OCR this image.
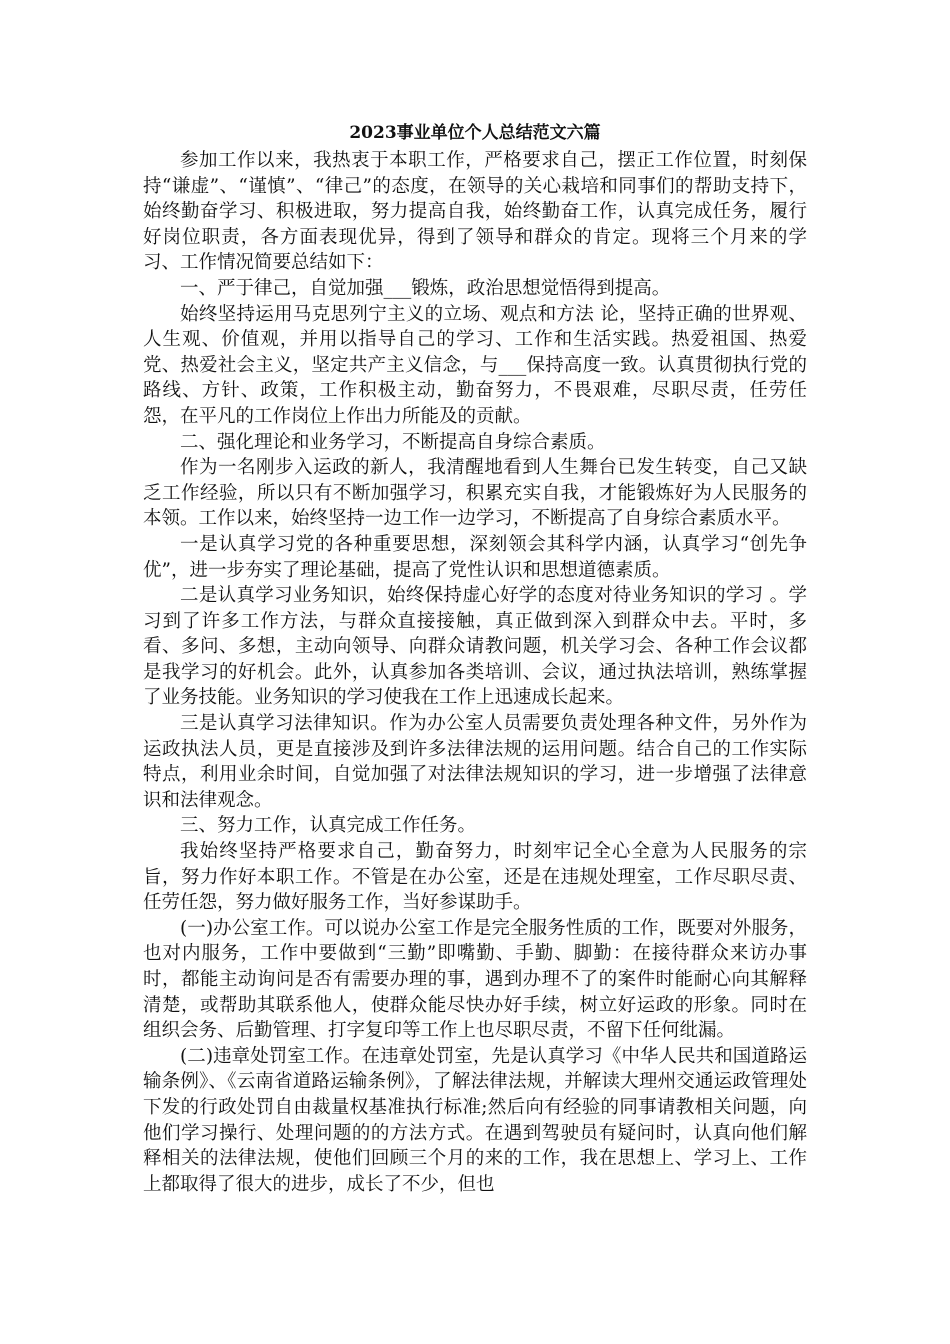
2023事业单位个人总结范文六篇

参加工作以来，我热衷于本职工作，严格要求自己，摆正工作位置，时刻保持“谦虚”、“谨慎”、“律己”的态度，在领导的关心栽培和同事们的帮助支持下，始终勤奋学习、积极进取，努力提高自我，始终勤奋工作，认真完成任务，履行好岗位职责，各方面表现优异，得到了领导和群众的肯定。现将三个月来的学习、工作情况简要总结如下：

一、严于律己，自觉加强___锻炼，政治思想觉悟得到提高。

始终坚持运用马克思列宁主义的立场、观点和方法 论，坚持正确的世界观、人生观、价值观，并用以指导自己的学习、工作和生活实践。热爱祖国、热爱党、热爱社会主义，坚定共产主义信念，与___保持高度一致。认真贯彻执行党的路线、方针、政策，工作积极主动，勤奋努力，不畏艰难，尽职尽责，任劳任怨，在平凡的工作岗位上作出力所能及的贡献。

二、强化理论和业务学习，不断提高自身综合素质。

作为一名刚步入运政的新人，我清醒地看到人生舞台已发生转变，自己又缺乏工作经验，所以只有不断加强学习，积累充实自我，才能锻炼好为人民服务的本领。工作以来，始终坚持一边工作一边学习，不断提高了自身综合素质水平。

一是认真学习党的各种重要思想，深刻领会其科学内涵，认真学习“创先争优”，进一步夯实了理论基础，提高了党性认识和思想道德素质。

二是认真学习业务知识，始终保持虚心好学的态度对待业务知识的学习 。学习到了许多工作方法，与群众直接接触，真正做到深入到群众中去。平时，多看、多问、多想，主动向领导、向群众请教问题，机关学习会、各种工作会议都是我学习的好机会。此外，认真参加各类培训、会议，通过执法培训，熟练掌握了业务技能。业务知识的学习使我在工作上迅速成长起来。

三是认真学习法律知识。作为办公室人员需要负责处理各种文件，另外作为运政执法人员，更是直接涉及到许多法律法规的运用问题。结合自己的工作实际特点，利用业余时间，自觉加强了对法律法规知识的学习，进一步增强了法律意识和法律观念。

三、努力工作，认真完成工作任务。

我始终坚持严格要求自己，勤奋努力，时刻牢记全心全意为人民服务的宗旨，努力作好本职工作。不管是在办公室，还是在违规处理室，工作尽职尽责、任劳任怨，努力做好服务工作，当好参谋助手。

(一)办公室工作。可以说办公室工作是完全服务性质的工作，既要对外服务，也对内服务，工作中要做到“三勤”即嘴勤、手勤、脚勤：在接待群众来访办事时，都能主动询问是否有需要办理的事，遇到办理不了的案件时能耐心向其解释清楚，或帮助其联系他人，使群众能尽快办好手续，树立好运政的形象。同时在组织会务、后勤管理、打字复印等工作上也尽职尽责，不留下任何纰漏。

(二)违章处罚室工作。在违章处罚室，先是认真学习《中华人民共和国道路运输条例》、《云南省道路运输条例》，了解法律法规，并解读大理州交通运政管理处下发的行政处罚自由裁量权基准执行标准;然后向有经验的同事请教相关问题，向他们学习操行、处理问题的的方法方式。在遇到驾驶员有疑问时，认真向他们解释相关的法律法规，使他们回顾三个月的来的工作，我在思想上、学习上、工作上都取得了很大的进步，成长了不少，但也
